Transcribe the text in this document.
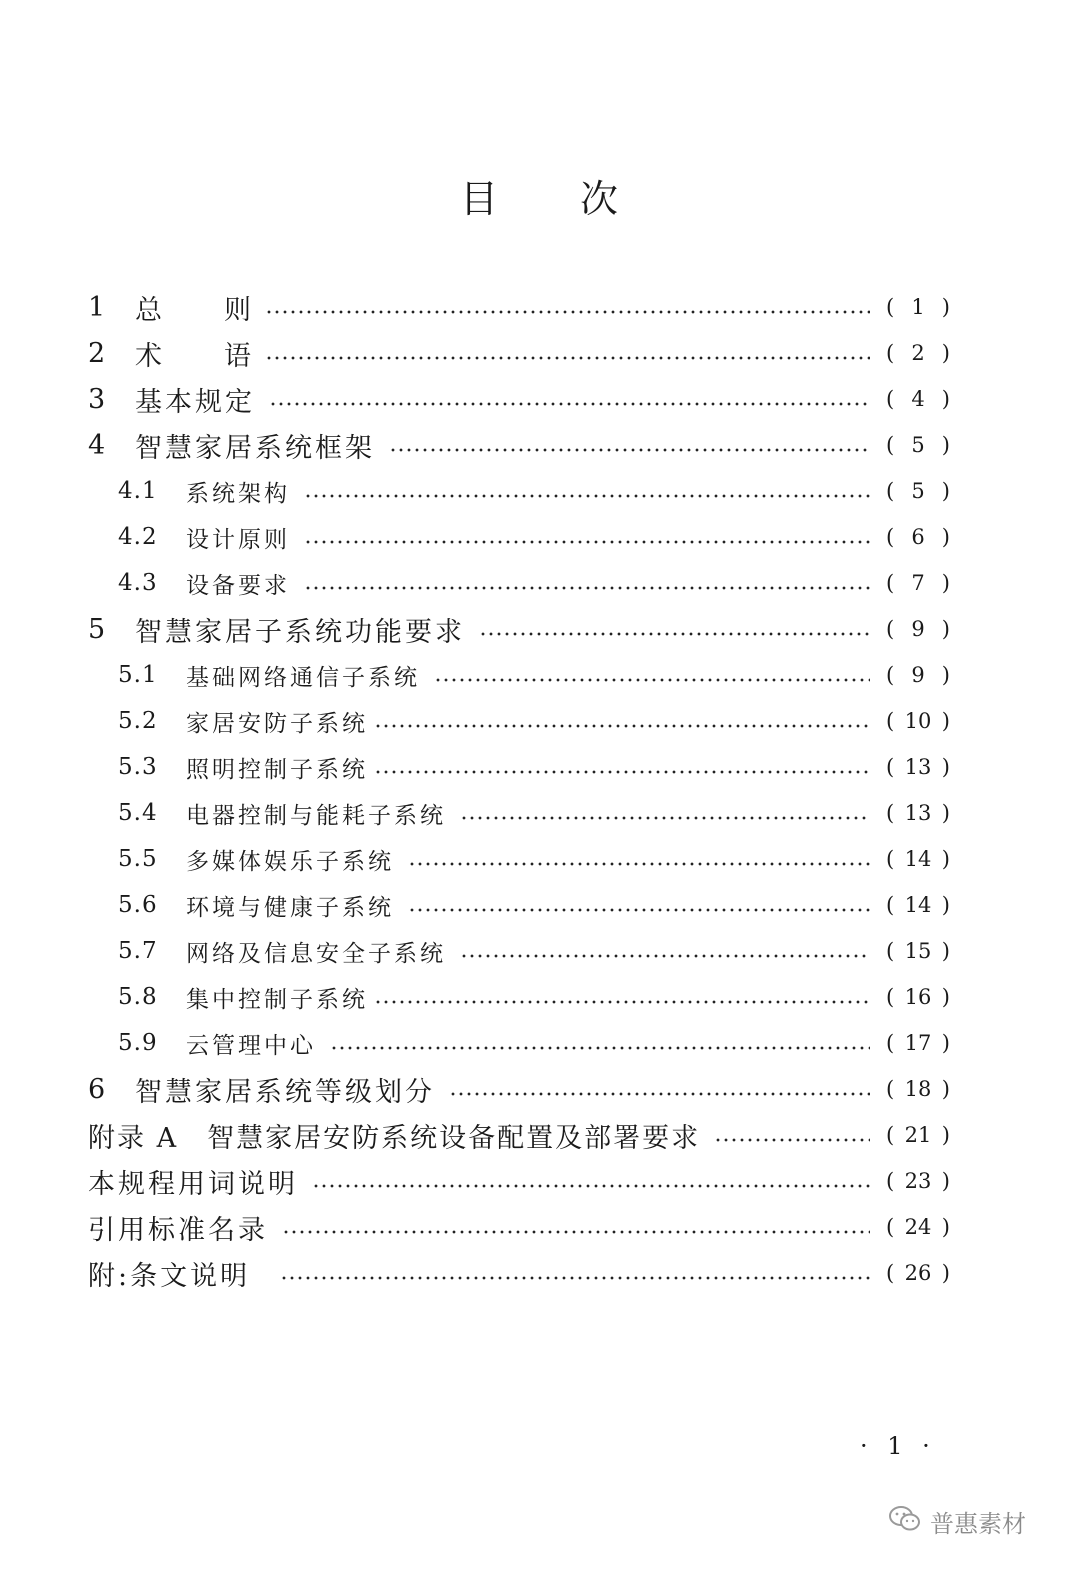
目 次
1	总 则	( 1 )
2	术 语	( 2 )
3	基本规定	( 4 )
4	智慧家居系统框架	( 5 )
4.1	系统架构	( 5 )
4.2	设计原则	( 6 )
4.3	设备要求	( 7 )
5	智慧家居子系统功能要求	( 9 )
5.1	基础网络通信子系统	( 9 )
5.2	家居安防子系统	( 10 )
5.3	照明控制子系统	( 13 )
5.4	电器控制与能耗子系统	( 13 )
5.5	多媒体娱乐子系统	( 14 )
5.6	环境与健康子系统	( 14 )
5.7	网络及信息安全子系统	( 15 )
5.8	集中控制子系统	( 16 )
5.9	云管理中心	( 17 )
6	智慧家居系统等级划分	( 18 )
附录 A　智慧家居安防系统设备配置及部署要求	( 21 )
本规程用词说明	( 23 )
引用标准名录	( 24 )
附:条文说明	( 26 )
· 1 ·
普惠素材
